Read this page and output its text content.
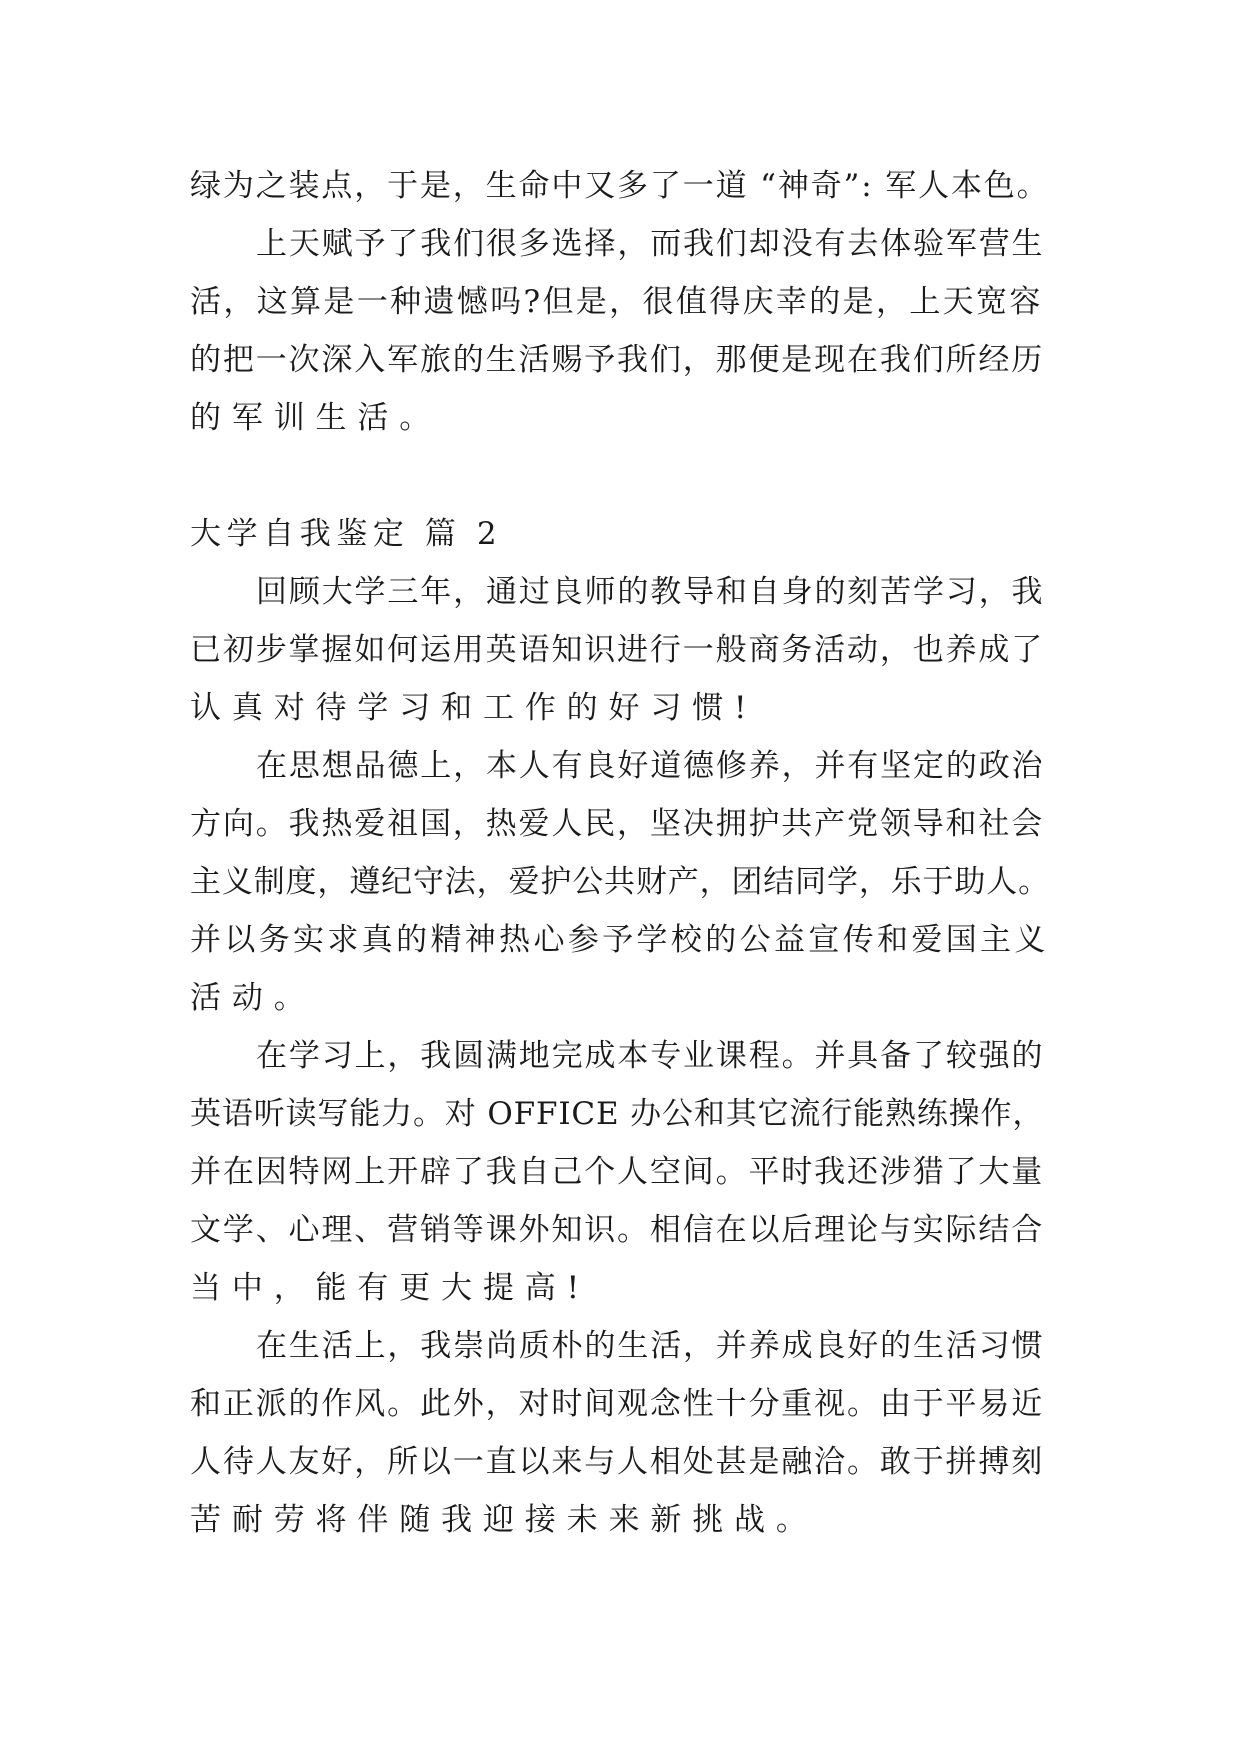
绿为之装点，于是，生命中又多了一道 “神奇”: 军人本色。
上天赋予了我们很多选择，而我们却没有去体验军营生
活，这算是一种遗憾吗?但是，很值得庆幸的是，上天宽容
的把一次深入军旅的生活赐予我们，那便是现在我们所经历
的军训生活。
大学自我鉴定 篇 2
回顾大学三年，通过良师的教导和自身的刻苦学习，我
已初步掌握如何运用英语知识进行一般商务活动，也养成了
认真对待学习和工作的好习惯!
在思想品德上，本人有良好道德修养，并有坚定的政治
方向。我热爱祖国，热爱人民，坚决拥护共产党领导和社会
主义制度，遵纪守法，爱护公共财产，团结同学，乐于助人。
并以务实求真的精神热心参予学校的公益宣传和爱国主义
活动。
在学习上，我圆满地完成本专业课程。并具备了较强的
英语听读写能力。对 OFFICE 办公和其它流行能熟练操作，
并在因特网上开辟了我自己个人空间。平时我还涉猎了大量
文学、心理、营销等课外知识。相信在以后理论与实际结合
当中，能有更大提高!
在生活上，我崇尚质朴的生活，并养成良好的生活习惯
和正派的作风。此外，对时间观念性十分重视。由于平易近
人待人友好，所以一直以来与人相处甚是融洽。敢于拼搏刻
苦耐劳将伴随我迎接未来新挑战。
